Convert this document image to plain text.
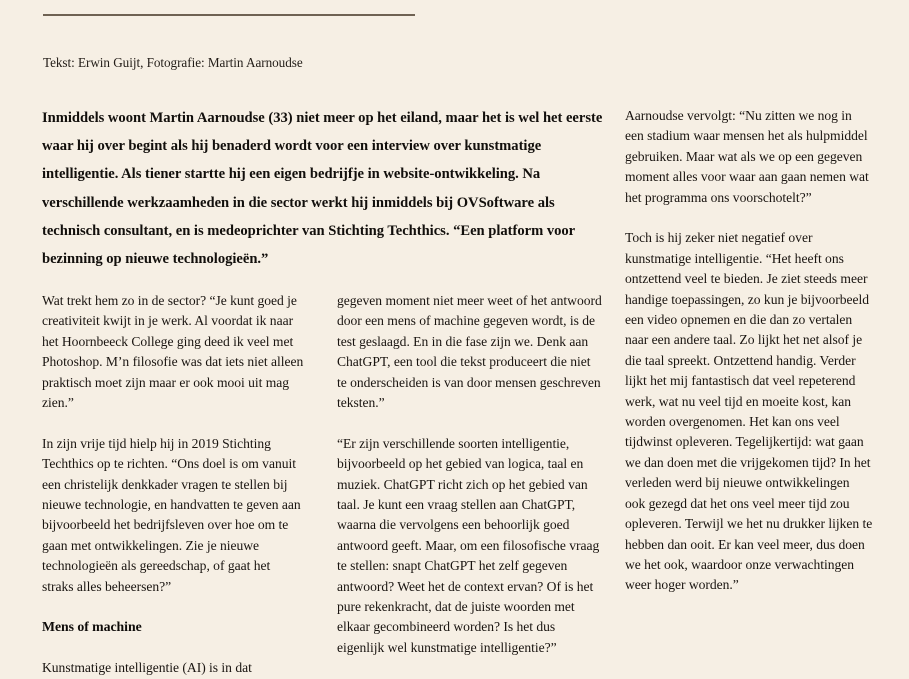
Tekst: Erwin Guijt, Fotografie: Martin Aarnoudse
Inmiddels woont Martin Aarnoudse (33) niet meer op het eiland, maar het is wel het eerste waar hij over begint als hij benaderd wordt voor een interview over kunstmatige intelligentie. Als tiener startte hij een eigen bedrijfje in website-ontwikkeling. Na verschillende werkzaamheden in die sector werkt hij inmiddels bij OVSoftware als technisch consultant, en is medeoprichter van Stichting Techthics. “Een platform voor bezinning op nieuwe technologieën.”

Wat trekt hem zo in de sector? “Je kunt goed je creativiteit kwijt in je werk. Al voordat ik naar het Hoornbeeck College ging deed ik veel met Photoshop. M’n filosofie was dat iets niet alleen praktisch moet zijn maar er ook mooi uit mag zien.”

In zijn vrije tijd hielp hij in 2019 Stichting Techthics op te richten. “Ons doel is om vanuit een christelijk denkkader vragen te stellen bij nieuwe technologie, en handvatten te geven aan bijvoorbeeld het bedrijfsleven over hoe om te gaan met ontwikkelingen. Zie je nieuwe technologieën als gereedschap, of gaat het straks alles beheersen?”

Mens of machine

Kunstmatige intelligentie (AI) is in dat

gegeven moment niet meer weet of het antwoord door een mens of machine gegeven wordt, is de test geslaagd. En in die fase zijn we. Denk aan ChatGPT, een tool die tekst produceert die niet te onderscheiden is van door mensen geschreven teksten.”

“Er zijn verschillende soorten intelligentie, bijvoorbeeld op het gebied van logica, taal en muziek. ChatGPT richt zich op het gebied van taal. Je kunt een vraag stellen aan ChatGPT, waarna die vervolgens een behoorlijk goed antwoord geeft. Maar, om een filosofische vraag te stellen: snapt ChatGPT het zelf gegeven antwoord? Weet het de context ervan? Of is het pure rekenkracht, dat de juiste woorden met elkaar gecombineerd worden? Is het dus eigenlijk wel kunstmatige intelligentie?”

Aarnoudse vervolgt: “Nu zitten we nog in een stadium waar mensen het als hulpmiddel gebruiken. Maar wat als we op een gegeven moment alles voor waar aan gaan nemen wat het programma ons voorschotelt?”

Toch is hij zeker niet negatief over kunstmatige intelligentie. “Het heeft ons ontzettend veel te bieden. Je ziet steeds meer handige toepassingen, zo kun je bijvoorbeeld een video opnemen en die dan zo vertalen naar een andere taal. Zo lijkt het net alsof je die taal spreekt. Ontzettend handig. Verder lijkt het mij fantastisch dat veel repeterend werk, wat nu veel tijd en moeite kost, kan worden overgenomen. Het kan ons veel tijdwinst opleveren. Tegelijkertijd: wat gaan we dan doen met die vrijgekomen tijd? In het verleden werd bij nieuwe ontwikkelingen ook gezegd dat het ons veel meer tijd zou opleveren. Terwijl we het nu drukker lijken te hebben dan ooit. Er kan veel meer, dus doen we het ook, waardoor onze verwachtingen weer hoger worden.”
